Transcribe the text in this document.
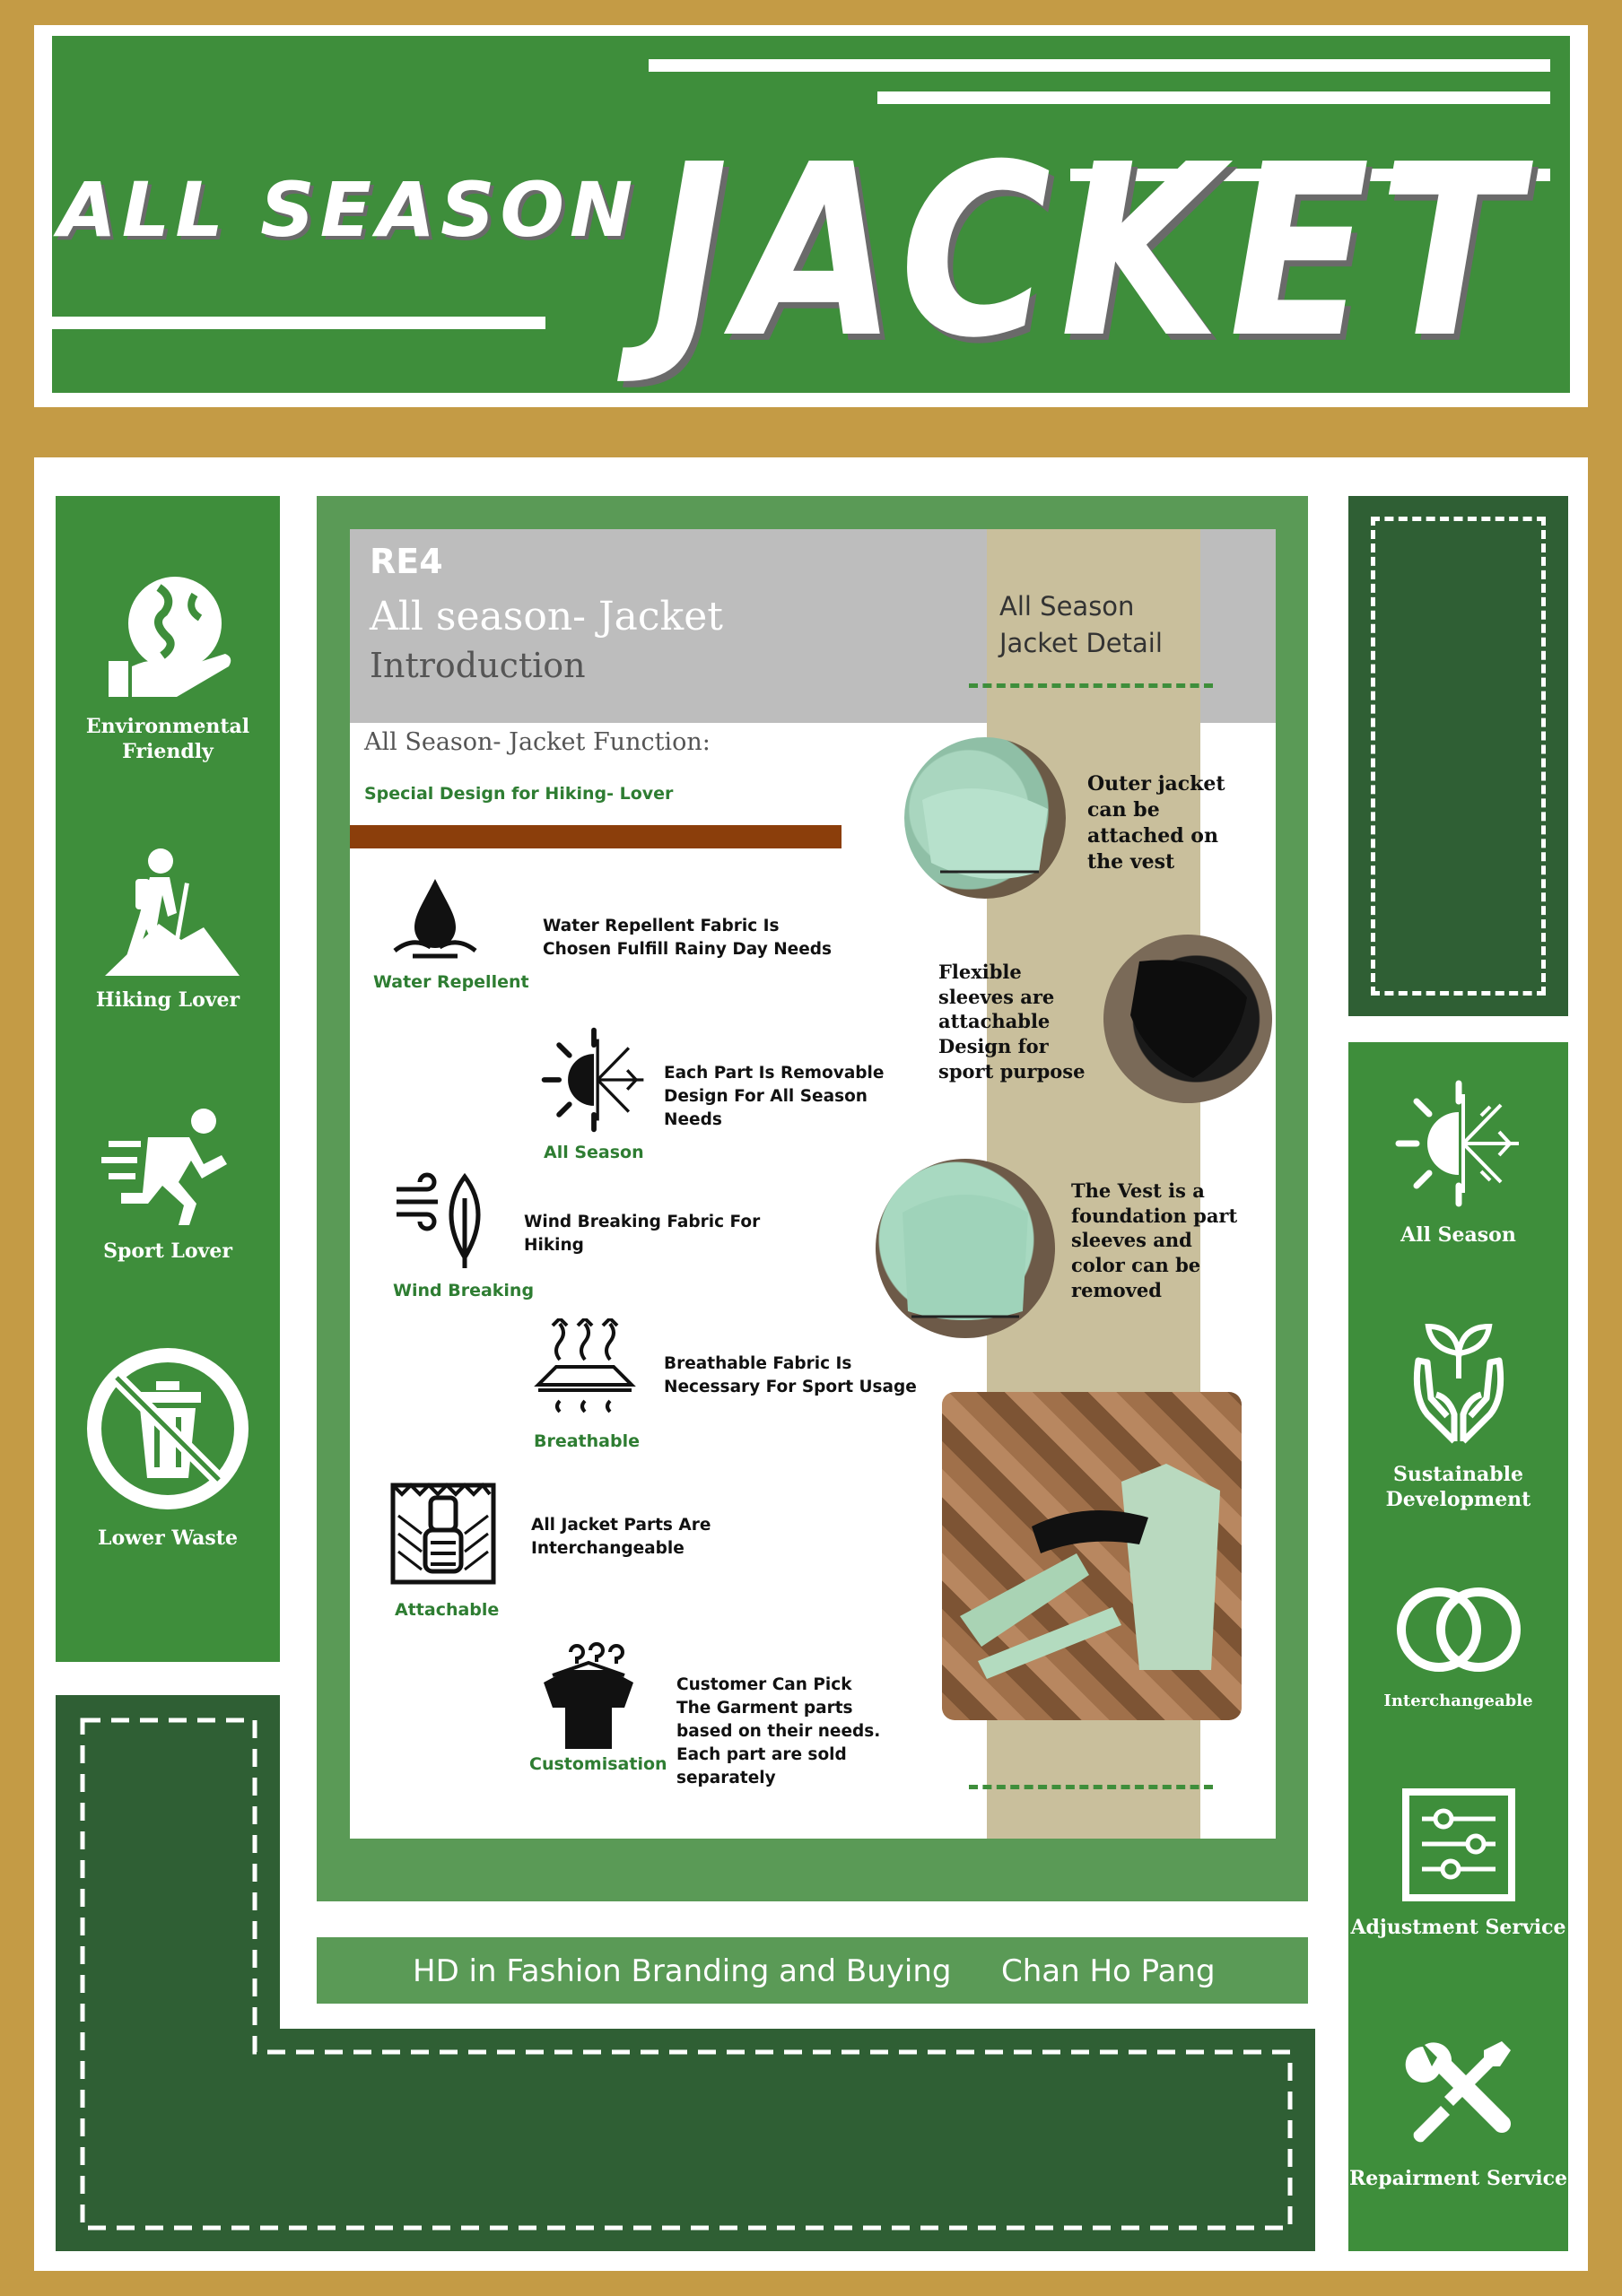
ALL SEASON JACKET
Environmental Friendly
Hiking Lover
Sport Lover
Lower Waste
All Season
Sustainable Development
Interchangeable
Adjustment Service
Repairment Service
HD in Fashion Branding and Buying Chan Ho Pang
RE4
All season- Jacket
Introduction
All Season Jacket Detail
All Season- Jacket Function:
Special Design for Hiking- Lover
Water Repellent
Water Repellent Fabric Is Chosen Fulfill Rainy Day Needs
All Season
Each Part Is Removable Design For All Season Needs
Wind Breaking
Wind Breaking Fabric For Hiking
Breathable
Breathable Fabric Is Necessary For Sport Usage
Attachable
All Jacket Parts Are Interchangeable
Customisation
Customer Can Pick The Garment parts based on their needs. Each part are sold separately
Outer jacket can be attached on the vest
Flexible sleeves are attachable Design for sport purpose
The Vest is a foundation part sleeves and color can be removed
